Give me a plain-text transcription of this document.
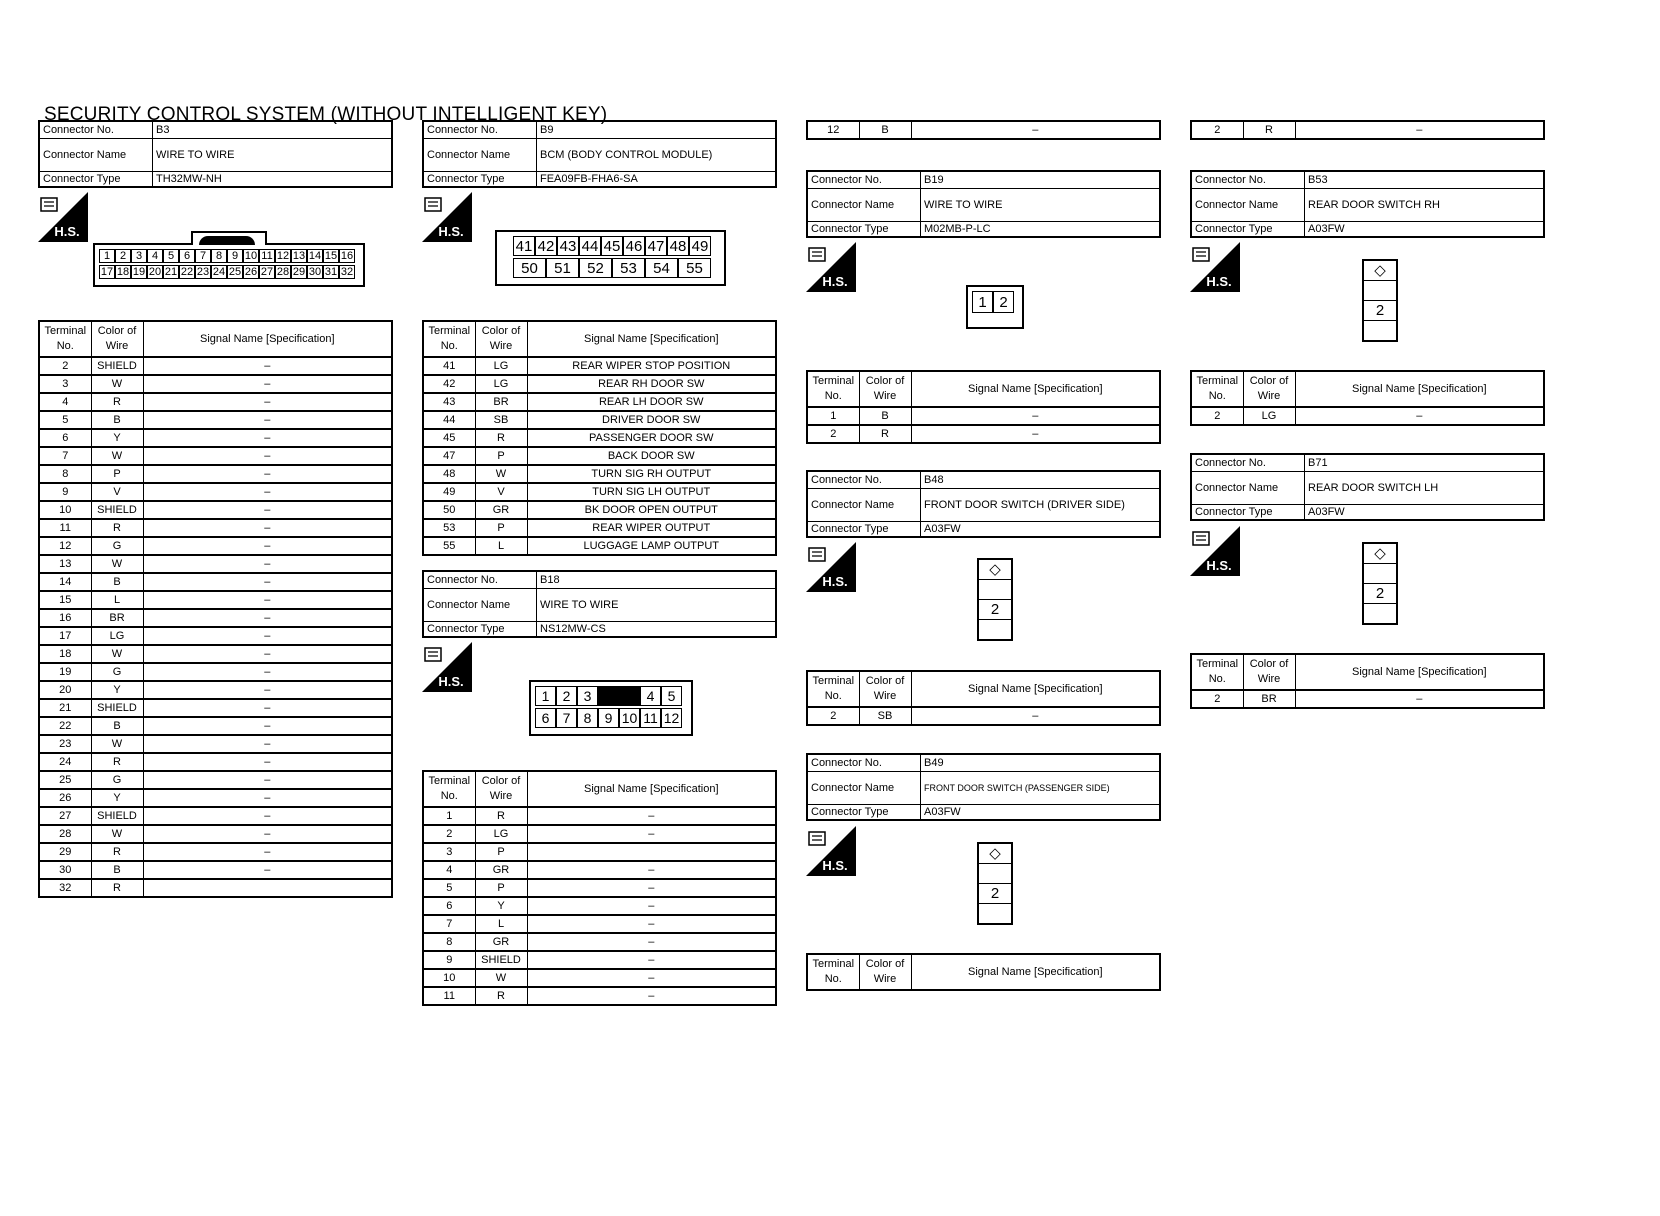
SECURITY CONTROL SYSTEM (WITHOUT INTELLIGENT KEY)
Connector No.	B3
Connector Name	WIRE TO WIRE
Connector Type	TH32MW-NH
H.S.
1 2 3 4 5 6 7 8 9 10 11 12 13 14 15 16
17 18 19 20 21 22 23 24 25 26 27 28 29 30 31 32
Terminal No.	Color of Wire	Signal Name [Specification]
2	SHIELD	–
3	W	–
4	R	–
5	B	–
6	Y	–
7	W	–
8	P	–
9	V	–
10	SHIELD	–
11	R	–
12	G	–
13	W	–
14	B	–
15	L	–
16	BR	–
17	LG	–
18	W	–
19	G	–
20	Y	–
21	SHIELD	–
22	B	–
23	W	–
24	R	–
25	G	–
26	Y	–
27	SHIELD	–
28	W	–
29	R	–
30	B	–
32	R	
Connector No.	B9
Connector Name	BCM (BODY CONTROL MODULE)
Connector Type	FEA09FB-FHA6-SA
H.S.
41 42 43 44 45 46 47 48 49
50	51	52	53	54	55
Terminal No.	Color of Wire	Signal Name [Specification]
41	LG	REAR WIPER STOP POSITION
42	LG	REAR RH DOOR SW
43	BR	REAR LH DOOR SW
44	SB	DRIVER DOOR SW
45	R	PASSENGER DOOR SW
47	P	BACK DOOR SW
48	W	TURN SIG RH OUTPUT
49	V	TURN SIG LH OUTPUT
50	GR	BK DOOR OPEN OUTPUT
53	P	REAR WIPER OUTPUT
55	L	LUGGAGE LAMP OUTPUT
Connector No.	B18
Connector Name	WIRE TO WIRE
Connector Type	NS12MW-CS
H.S.
1 2 3	4 5
6 7 8 9 10 11 12
Terminal No.	Color of Wire	Signal Name [Specification]
1	R	–
2	LG	–
3	P	
4	GR	–
5	P	–
6	Y	–
7	L	–
8	GR	–
9	SHIELD	–
10	W	–
11	R	–
12	B	–
Connector No.	B19
Connector Name	WIRE TO WIRE
Connector Type	M02MB-P-LC
H.S.
1 2
Terminal No.	Color of Wire	Signal Name [Specification]
1	B	–
2	R	–
Connector No.	B48
Connector Name	FRONT DOOR SWITCH (DRIVER SIDE)
Connector Type	A03FW
H.S.
◇
2
Terminal No.	Color of Wire	Signal Name [Specification]
2	SB	–
Connector No.	B49
Connector Name	FRONT DOOR SWITCH (PASSENGER SIDE)
Connector Type	A03FW
H.S.
◇
2
Terminal No.	Color of Wire	Signal Name [Specification]
2	R	–
Connector No.	B53
Connector Name	REAR DOOR SWITCH RH
Connector Type	A03FW
H.S.
◇
2
Terminal No.	Color of Wire	Signal Name [Specification]
2	LG	–
Connector No.	B71
Connector Name	REAR DOOR SWITCH LH
Connector Type	A03FW
H.S.
◇
2
Terminal No.	Color of Wire	Signal Name [Specification]
2	BR	–
